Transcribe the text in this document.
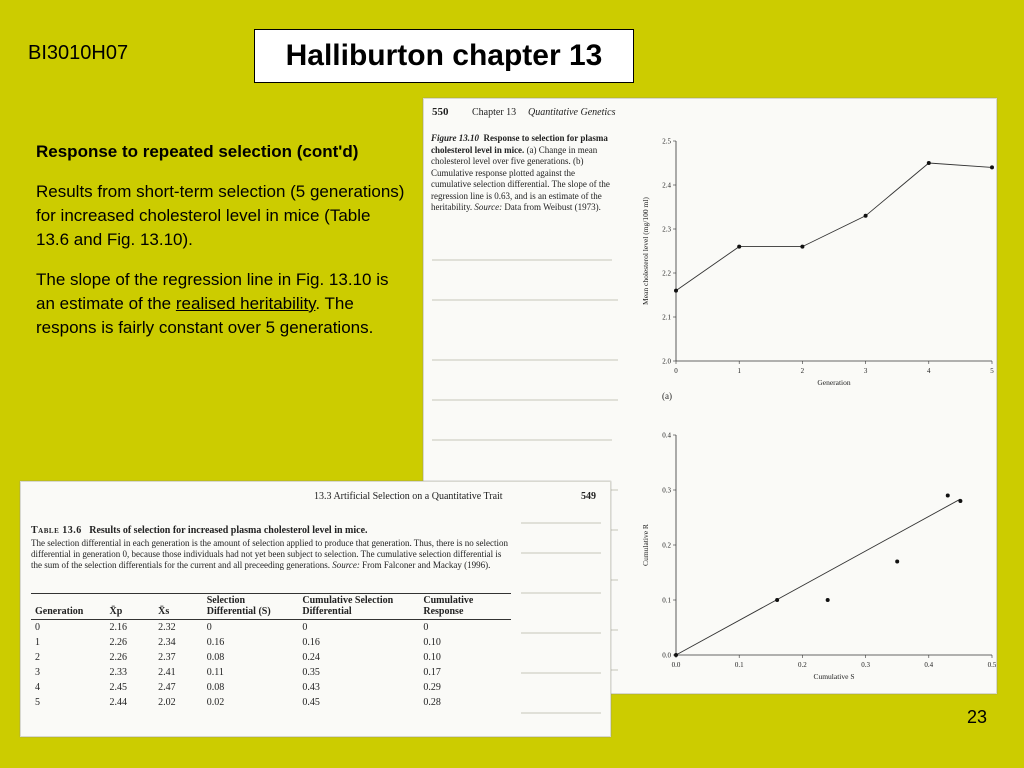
BI3010H07	Halliburton chapter 13

Response to repeated selection (cont'd)

Results from short-term selection (5 generations) for increased cholesterol level in mice (Table 13.6 and Fig. 13.10).

The slope of the regression line in Fig. 13.10 is an estimate of the realised heritability. The respons is fairly constant over 5 generations.

550 Chapter 13 Quantitative Genetics
Figure 13.10 Response to selection for plasma cholesterol level in mice. (a) Change in mean cholesterol level over five generations. (b) Cumulative response plotted against the cumulative selection differential. The slope of the regression line is 0.63, and is an estimate of the heritability. Source: Data from Weibust (1973).
0	1	2	3	4	5
2.0
2.1
2.2
2.3
2.4
2.5
Generation
Mean cholesterol level (mg/100 ml)
0.0	0.1	0.2	0.3	0.4	0.5
0.0
0.1
0.2
0.3
0.4
Cumulative S
Cumulative R
(a)
13.3 Artificial Selection on a Quantitative Trait	549
Table 13.6 Results of selection for increased plasma cholesterol level in mice.
The selection differential in each generation is the amount of selection applied to produce that generation. Thus, there is no selection differential in generation 0, because those individuals had not yet been subject to selection. The cumulative selection differential is the sum of the selection differentials for the current and all preceeding generations. Source: From Falconer and Mackay (1996).
Generation	X̄p	X̄s	Selection Differential (S)	Cumulative Selection Differential	Cumulative Response
0	2.16	2.32	0	0	0
1	2.26	2.34	0.16	0.16	0.10
2	2.26	2.37	0.08	0.24	0.10
3	2.33	2.41	0.11	0.35	0.17
4	2.45	2.47	0.08	0.43	0.29
5	2.44	2.02	0.02	0.45	0.28
23
